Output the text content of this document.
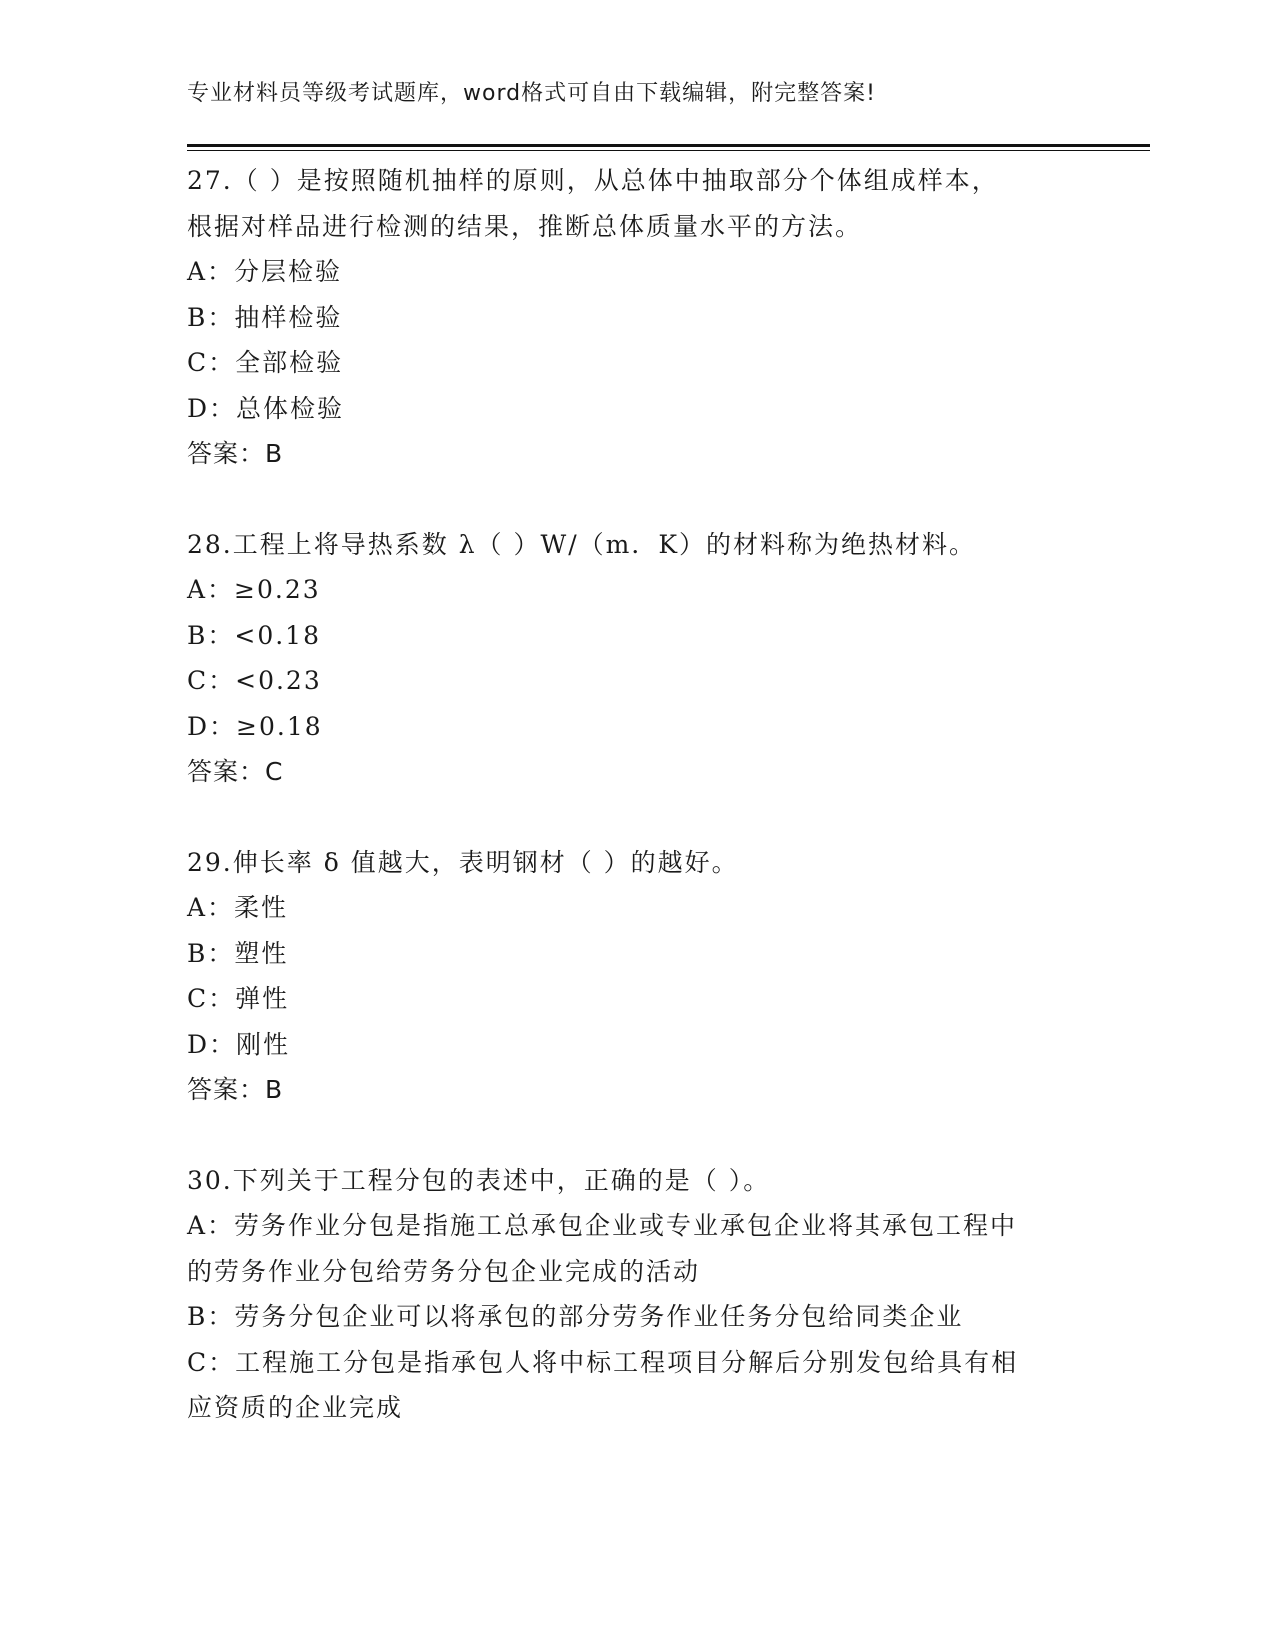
专业材料员等级考试题库，word格式可自由下载编辑，附完整答案!
27.（ ）是按照随机抽样的原则，从总体中抽取部分个体组成样本，
根据对样品进行检测的结果，推断总体质量水平的方法。
A：分层检验
B：抽样检验
C：全部检验
D：总体检验
答案：B
28.工程上将导热系数 λ（ ）W/（m．K）的材料称为绝热材料。
A：≥0.23
B：<0.18
C：<0.23
D：≥0.18
答案：C
29.伸长率 δ 值越大，表明钢材（ ）的越好。
A：柔性
B：塑性
C：弹性
D：刚性
答案：B
30.下列关于工程分包的表述中，正确的是（ ）。
A：劳务作业分包是指施工总承包企业或专业承包企业将其承包工程中
的劳务作业分包给劳务分包企业完成的活动
B：劳务分包企业可以将承包的部分劳务作业任务分包给同类企业
C：工程施工分包是指承包人将中标工程项目分解后分别发包给具有相
应资质的企业完成
